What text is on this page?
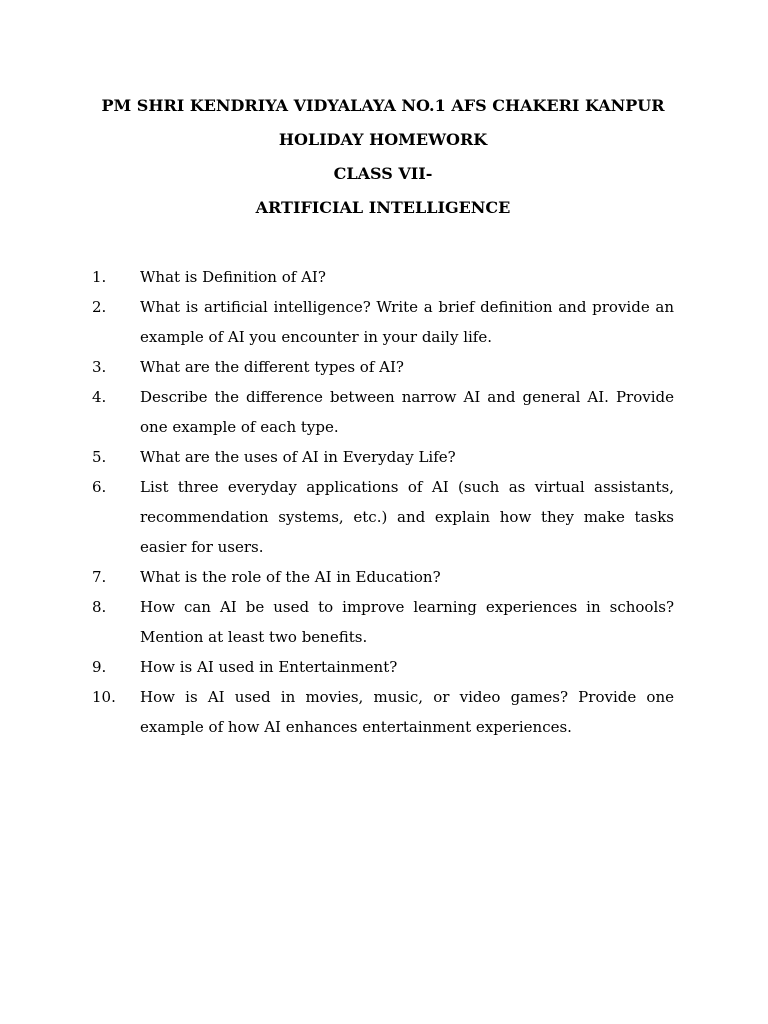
PM SHRI KENDRIYA VIDYALAYA NO.1 AFS CHAKERI KANPUR
HOLIDAY HOMEWORK
CLASS VII-
ARTIFICIAL INTELLIGENCE
1.	What is Definition of AI?
2.	What is artificial intelligence? Write a brief definition and provide an example of AI you encounter in your daily life.
3.	What are the different types of AI?
4.	Describe the difference between narrow AI and general AI. Provide one example of each type.
5.	What are the uses of AI in Everyday Life?
6.	List three everyday applications of AI (such as virtual assistants, recommendation systems, etc.) and explain how they make tasks easier for users.
7.	What is the role of the AI in Education?
8.	How can AI be used to improve learning experiences in schools? Mention at least two benefits.
9.	How is AI used in Entertainment?
10.	How is AI used in movies, music, or video games? Provide one example of how AI enhances entertainment experiences.
